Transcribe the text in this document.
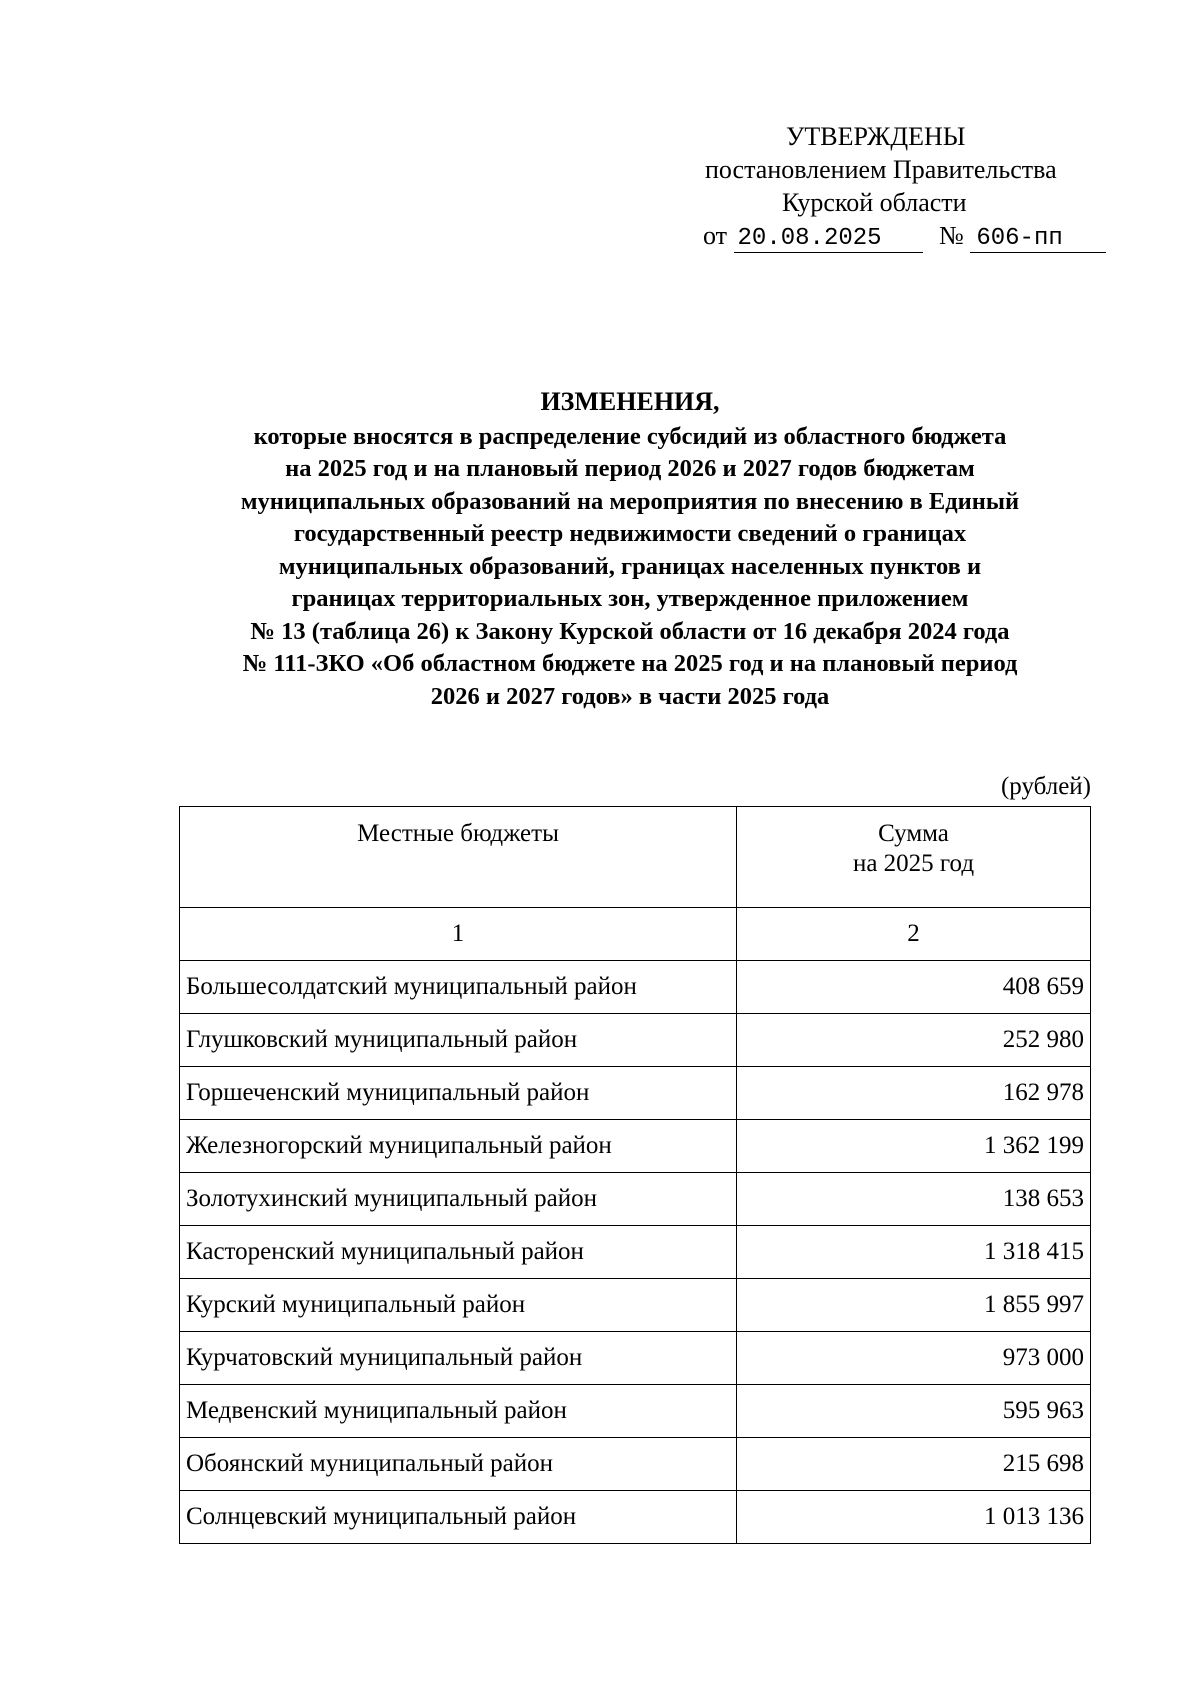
УТВЕРЖДЕНЫ
постановлением Правительства
Курской области
от 20.08.2025 № 606-пп
ИЗМЕНЕНИЯ,
которые вносятся в распределение субсидий из областного бюджета
на 2025 год и на плановый период 2026 и 2027 годов бюджетам
муниципальных образований на мероприятия по внесению в Единый
государственный реестр недвижимости сведений о границах
муниципальных образований, границах населенных пунктов и
границах территориальных зон, утвержденное приложением
№ 13 (таблица 26) к Закону Курской области от 16 декабря 2024 года
№ 111-ЗКО «Об областном бюджете на 2025 год и на плановый период
2026 и 2027 годов» в части 2025 года
(рублей)
Местные бюджеты	Сумма
на 2025 год

1	2
Большесолдатский муниципальный район	408 659
Глушковский муниципальный район	252 980
Горшеченский муниципальный район	162 978
Железногорский муниципальный район	1 362 199
Золотухинский муниципальный район	138 653
Касторенский муниципальный район	1 318 415
Курский муниципальный район	1 855 997
Курчатовский муниципальный район	973 000
Медвенский муниципальный район	595 963
Обоянский муниципальный район	215 698
Солнцевский муниципальный район	1 013 136
